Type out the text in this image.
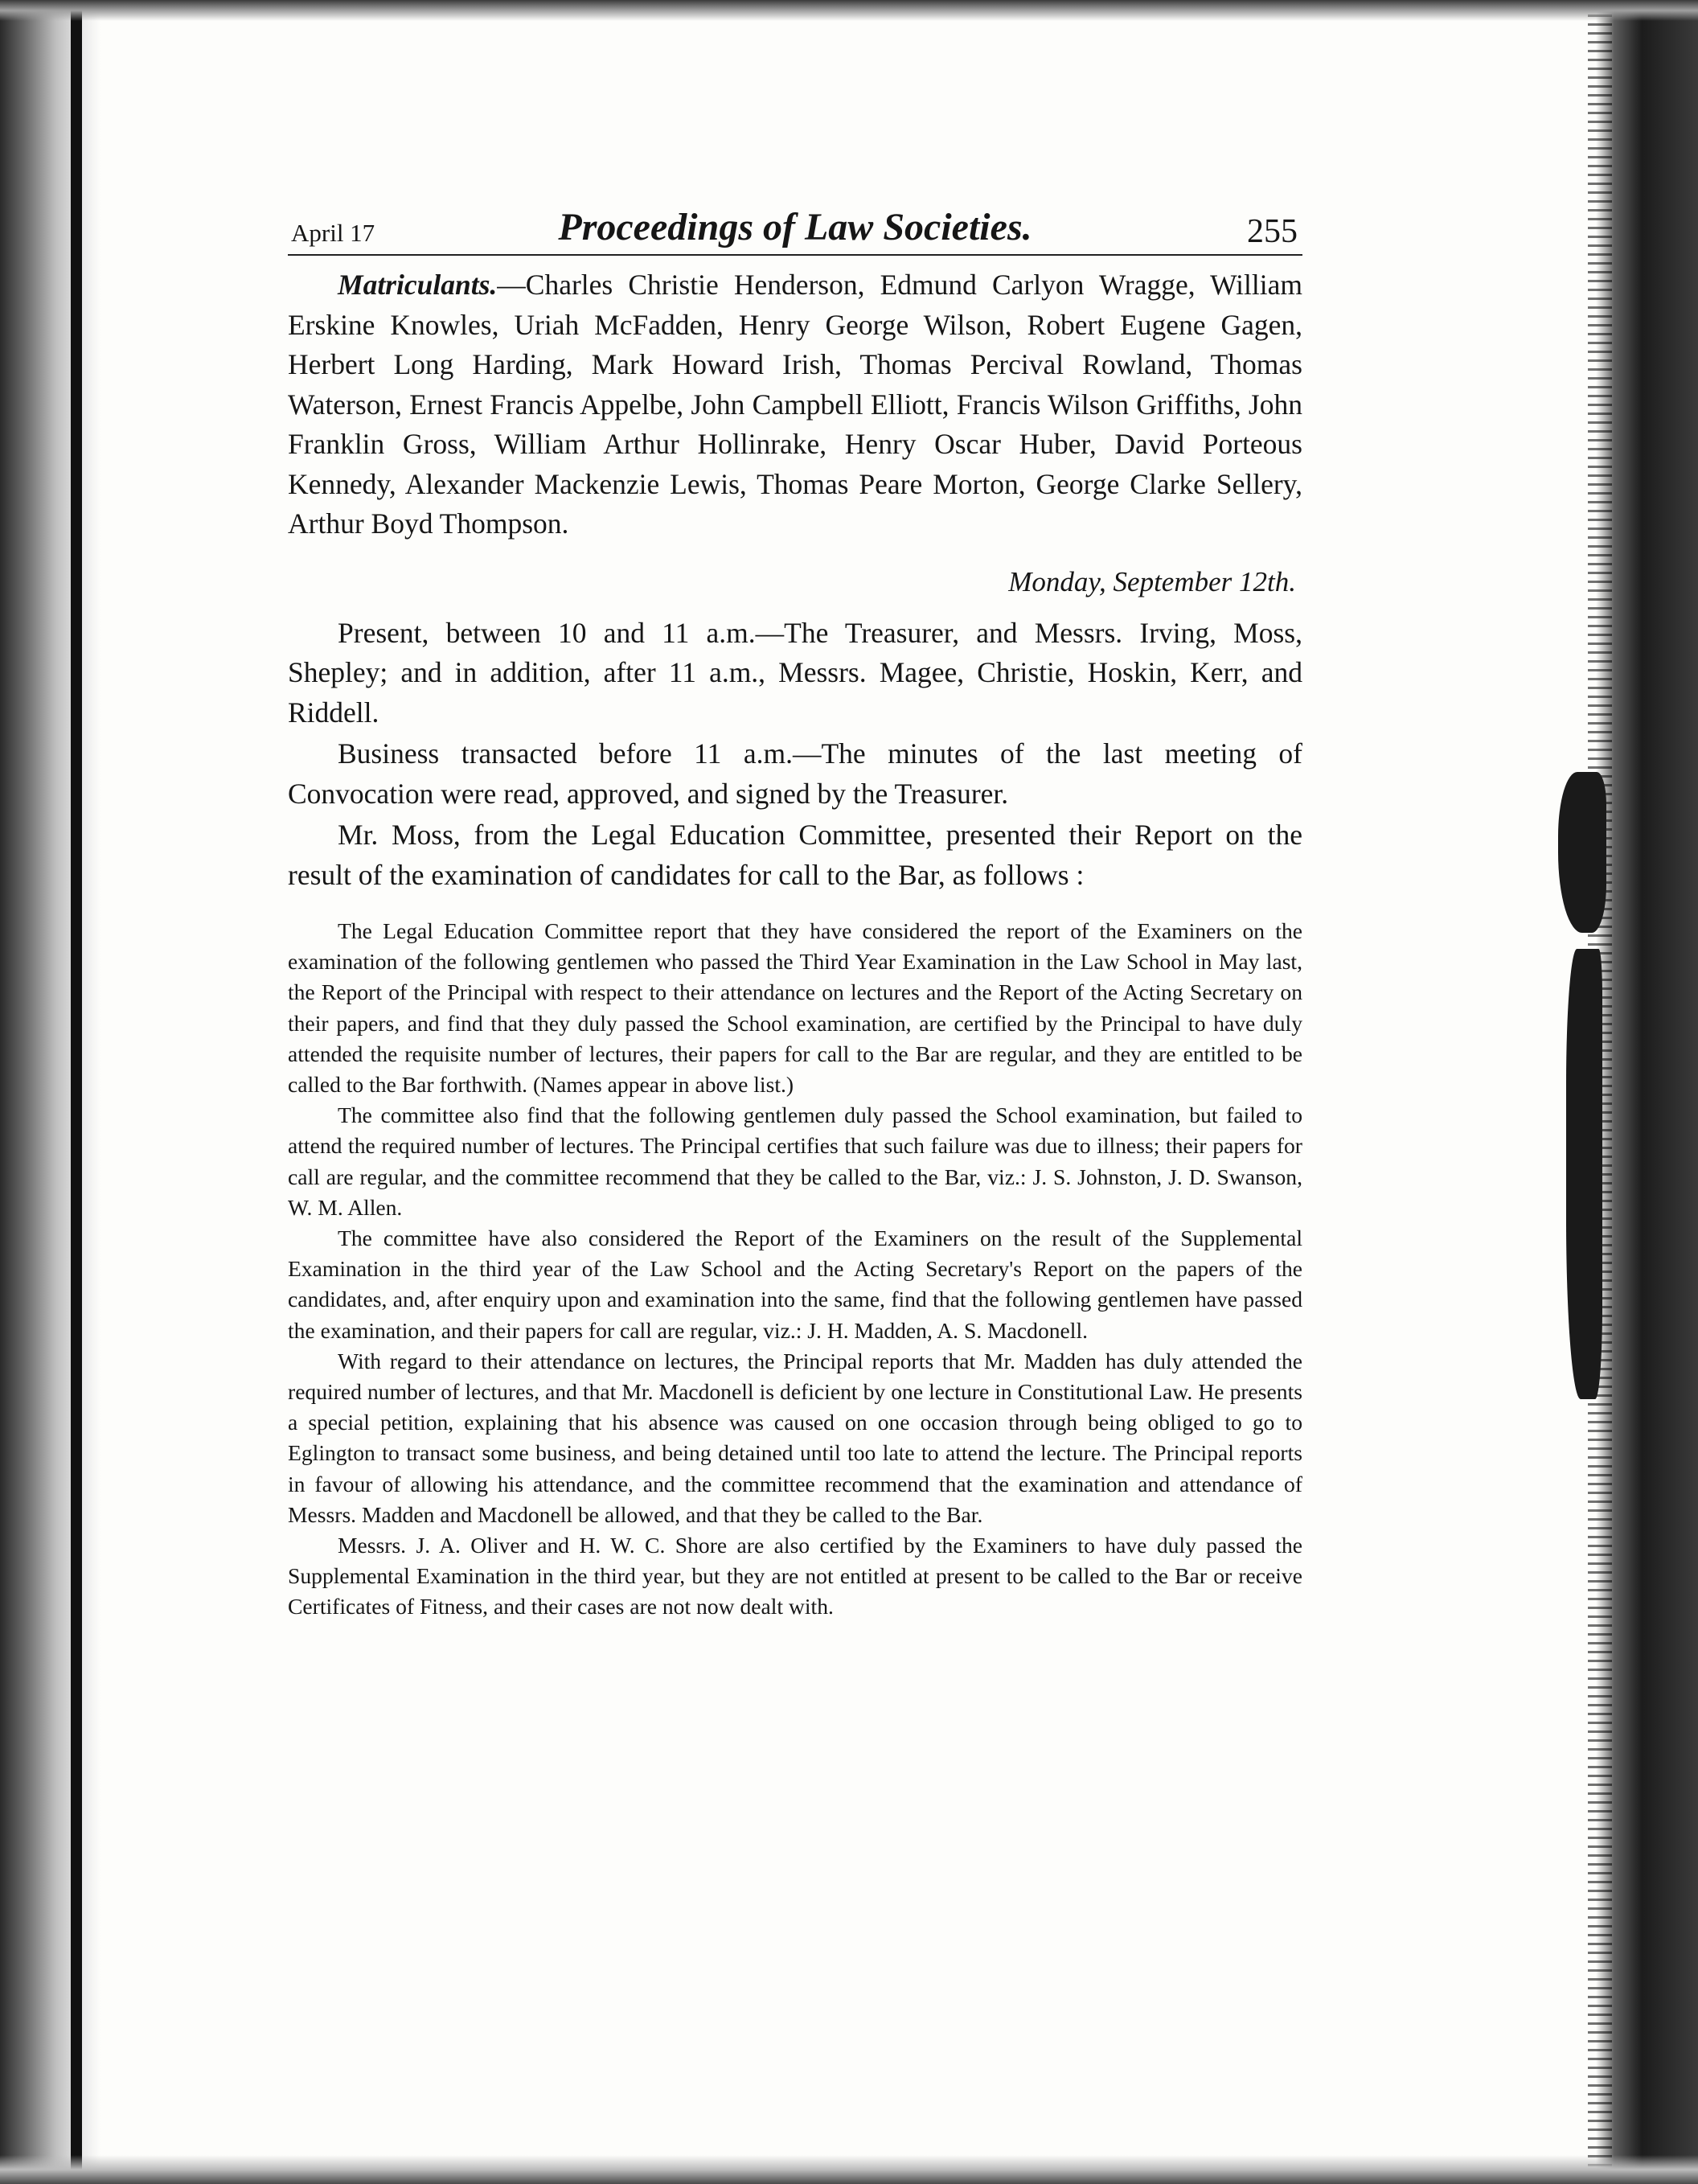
April 17	Proceedings of Law Societies.	255

Matriculants.—Charles Christie Henderson, Edmund Carlyon Wragge, William Erskine Knowles, Uriah McFadden, Henry George Wilson, Robert Eugene Gagen, Herbert Long Harding, Mark Howard Irish, Thomas Percival Rowland, Thomas Waterson, Ernest Francis Appelbe, John Campbell Elliott, Francis Wilson Griffiths, John Franklin Gross, William Arthur Hollinrake, Henry Oscar Huber, David Porteous Kennedy, Alexander Mackenzie Lewis, Thomas Peare Morton, George Clarke Sellery, Arthur Boyd Thompson.

Monday, September 12th.

Present, between 10 and 11 a.m.—The Treasurer, and Messrs. Irving, Moss, Shepley; and in addition, after 11 a.m., Messrs. Magee, Christie, Hoskin, Kerr, and Riddell.

Business transacted before 11 a.m.—The minutes of the last meeting of Convocation were read, approved, and signed by the Treasurer.

Mr. Moss, from the Legal Education Committee, presented their Report on the result of the examination of candidates for call to the Bar, as follows :

The Legal Education Committee report that they have considered the report of the Examiners on the examination of the following gentlemen who passed the Third Year Examination in the Law School in May last, the Report of the Principal with respect to their attendance on lectures and the Report of the Acting Secretary on their papers, and find that they duly passed the School examination, are certified by the Principal to have duly attended the requisite number of lectures, their papers for call to the Bar are regular, and they are entitled to be called to the Bar forthwith. (Names appear in above list.)

The committee also find that the following gentlemen duly passed the School examination, but failed to attend the required number of lectures. The Principal certifies that such failure was due to illness; their papers for call are regular, and the committee recommend that they be called to the Bar, viz.: J. S. Johnston, J. D. Swanson, W. M. Allen.

The committee have also considered the Report of the Examiners on the result of the Supplemental Examination in the third year of the Law School and the Acting Secretary's Report on the papers of the candidates, and, after enquiry upon and examination into the same, find that the following gentlemen have passed the examination, and their papers for call are regular, viz.: J. H. Madden, A. S. Macdonell.

With regard to their attendance on lectures, the Principal reports that Mr. Madden has duly attended the required number of lectures, and that Mr. Macdonell is deficient by one lecture in Constitutional Law. He presents a special petition, explaining that his absence was caused on one occasion through being obliged to go to Eglington to transact some business, and being detained until too late to attend the lecture. The Principal reports in favour of allowing his attendance, and the committee recommend that the examination and attendance of Messrs. Madden and Macdonell be allowed, and that they be called to the Bar.

Messrs. J. A. Oliver and H. W. C. Shore are also certified by the Examiners to have duly passed the Supplemental Examination in the third year, but they are not entitled at present to be called to the Bar or receive Certificates of Fitness, and their cases are not now dealt with.
